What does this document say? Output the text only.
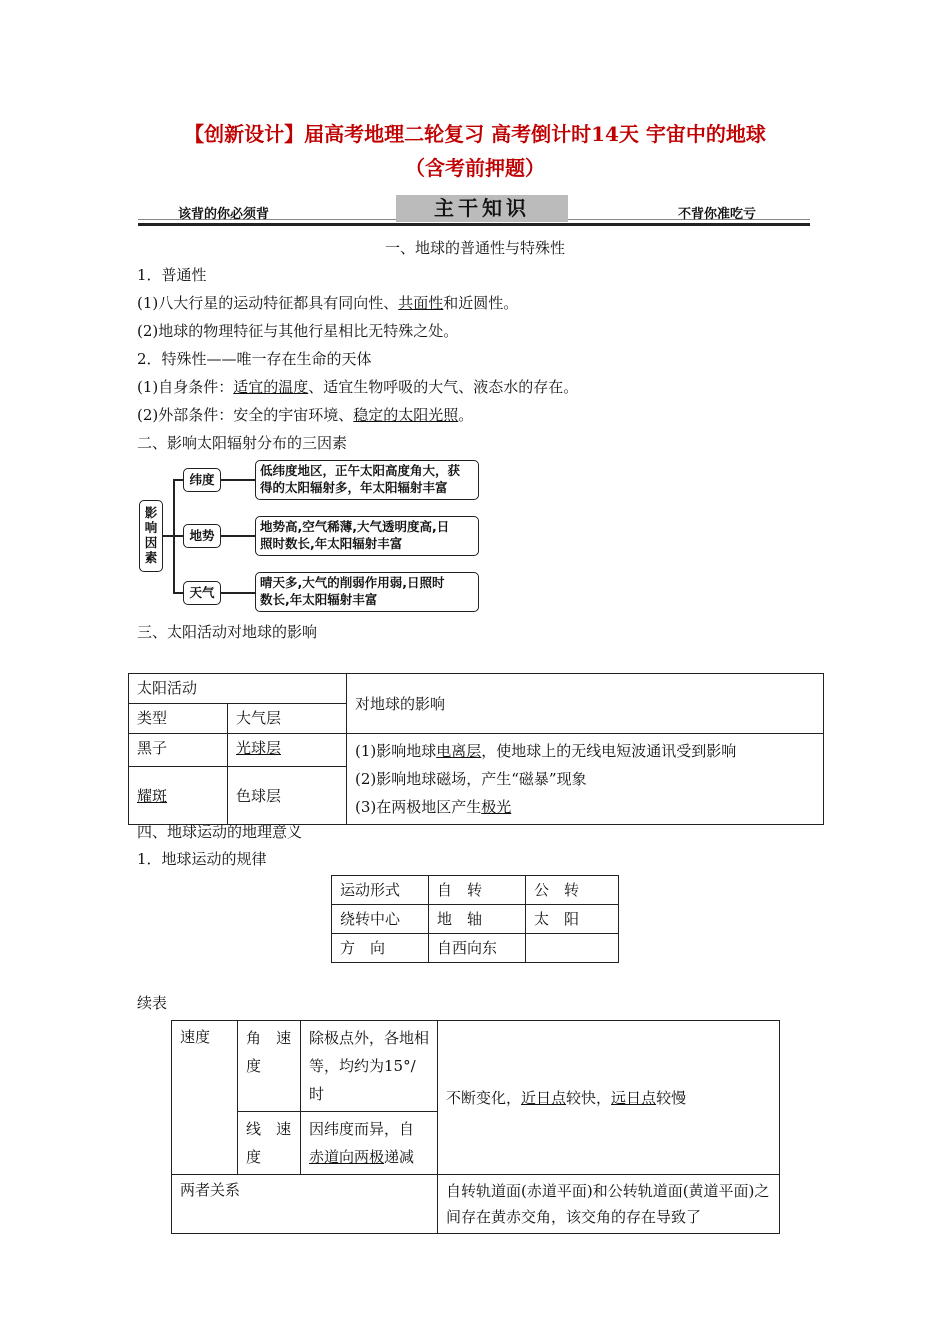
【创新设计】届高考地理二轮复习 高考倒计时14天 宇宙中的地球
（含考前押题）
该背的你必须背	主干知识	不背你准吃亏
一、地球的普通性与特殊性
1．普通性
(1)八大行星的运动特征都具有同向性、共面性和近圆性。
(2)地球的物理特征与其他行星相比无特殊之处。
2．特殊性——唯一存在生命的天体
(1)自身条件：适宜的温度、适宜生物呼吸的大气、液态水的存在。
(2)外部条件：安全的宇宙环境、稳定的太阳光照。
二、影响太阳辐射分布的三因素
影
响
因
素
纬度
地势
天气
低纬度地区，正午太阳高度角大，获
得的太阳辐射多，年太阳辐射丰富
地势高,空气稀薄,大气透明度高,日
照时数长,年太阳辐射丰富
晴天多,大气的削弱作用弱,日照时
数长,年太阳辐射丰富
三、太阳活动对地球的影响
太阳活动		对地球的影响
类型	大气层	
黑子	光球层	(1)影响地球电离层，使地球上的无线电短波通讯受到影响
(2)影响地球磁场，产生“磁暴”现象
(3)在两极地区产生极光

耀斑	色球层	
四、地球运动的地理意义
1．地球运动的规律
运动形式	自　转	公　转
绕转中心	地　轴	太　阳
方　向	自西向东	
续表
速度	角　速　度	除极点外，各地相等，均约为15°/时	不断变化，近日点较快，远日点较慢
	线　速　度	因纬度而异，自赤道向两极递减	
两者关系			自转轨道面(赤道平面)和公转轨道面(黄道平面)之间存在黄赤交角，该交角的存在导致了
